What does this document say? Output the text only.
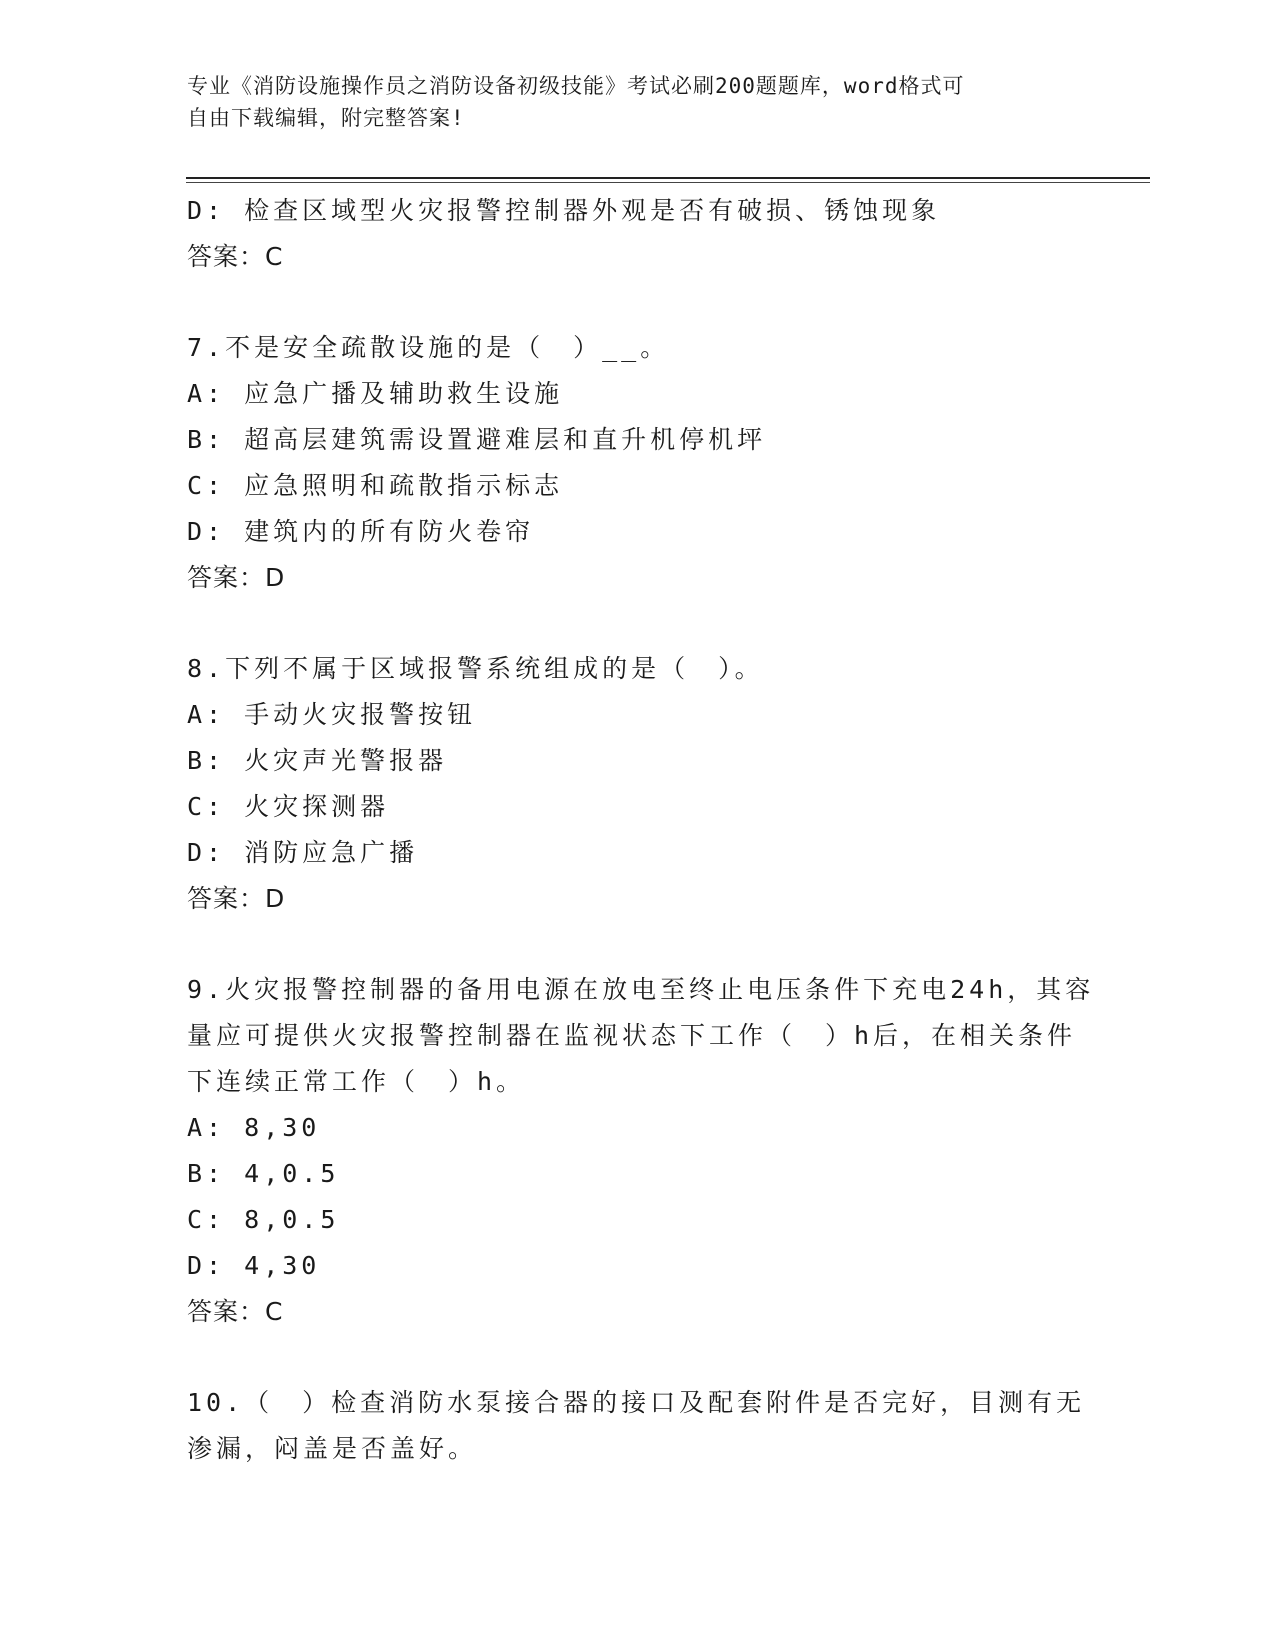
专业《消防设施操作员之消防设备初级技能》考试必刷200题题库，word格式可
自由下载编辑，附完整答案!
D: 检查区域型火灾报警控制器外观是否有破损、锈蚀现象
答案：C
7.不是安全疏散设施的是（　）__。
A: 应急广播及辅助救生设施
B: 超高层建筑需设置避难层和直升机停机坪
C: 应急照明和疏散指示标志
D: 建筑内的所有防火卷帘
答案：D
8.下列不属于区域报警系统组成的是（　）。
A: 手动火灾报警按钮
B: 火灾声光警报器
C: 火灾探测器
D: 消防应急广播
答案：D
9.火灾报警控制器的备用电源在放电至终止电压条件下充电24h，其容
量应可提供火灾报警控制器在监视状态下工作（　）h后，在相关条件
下连续正常工作（　）h。
A: 8,30
B: 4,0.5
C: 8,0.5
D: 4,30
答案：C
10.（　）检查消防水泵接合器的接口及配套附件是否完好，目测有无
渗漏，闷盖是否盖好。
